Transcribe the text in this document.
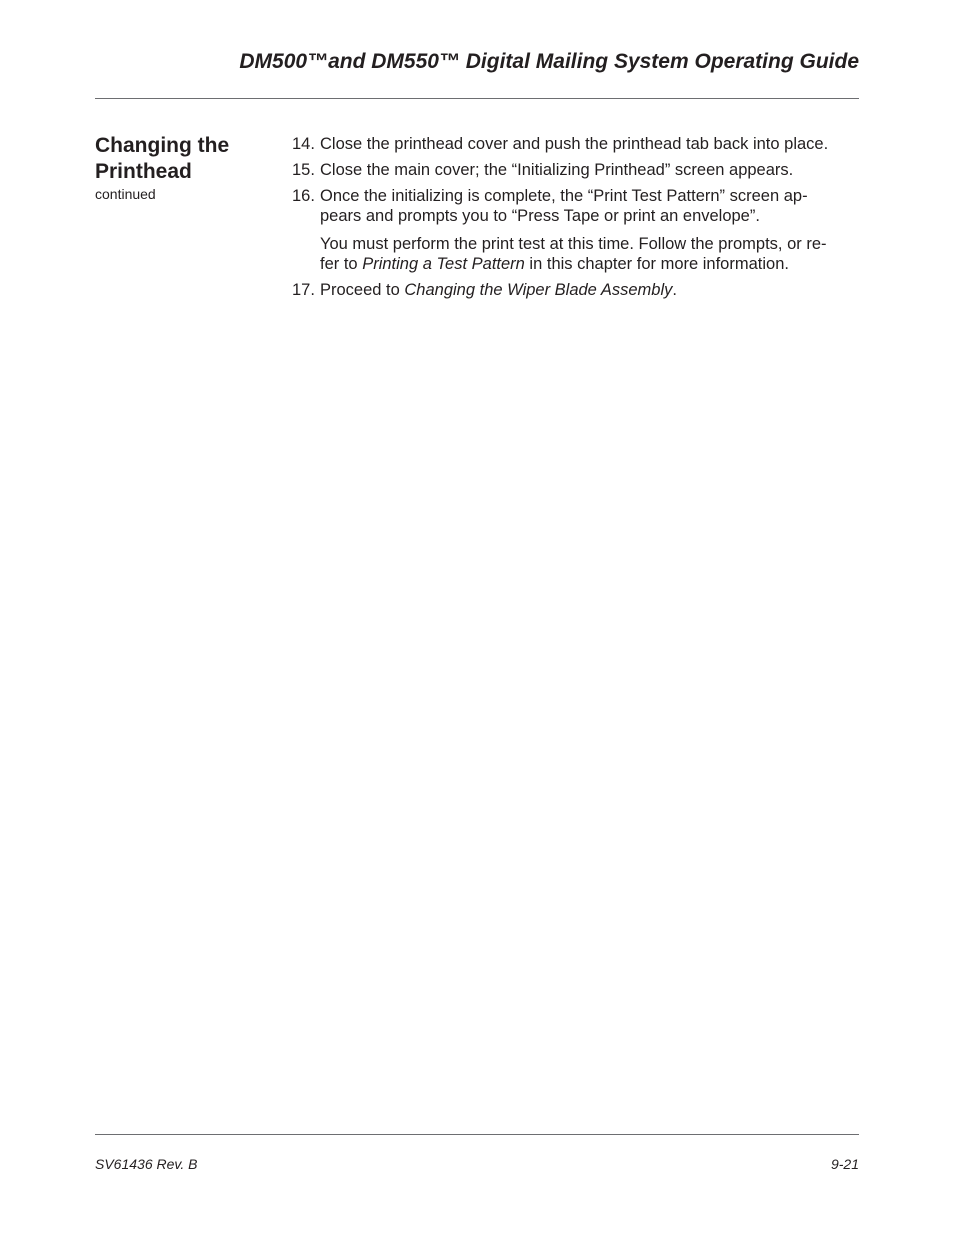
DM500™and DM550™ Digital Mailing System Operating Guide
Changing the
Printhead
continued
14. Close the printhead cover and push the printhead tab back into place.
15. Close the main cover; the “Initializing Printhead” screen appears.
16. Once the initializing is complete, the “Print Test Pattern” screen ap-
pears and prompts you to “Press Tape or print an envelope”.
You must perform the print test at this time. Follow the prompts, or re-
fer to Printing a Test Pattern in this chapter for more information.
17. Proceed to Changing the Wiper Blade Assembly.
SV61436 Rev. B	9-21
